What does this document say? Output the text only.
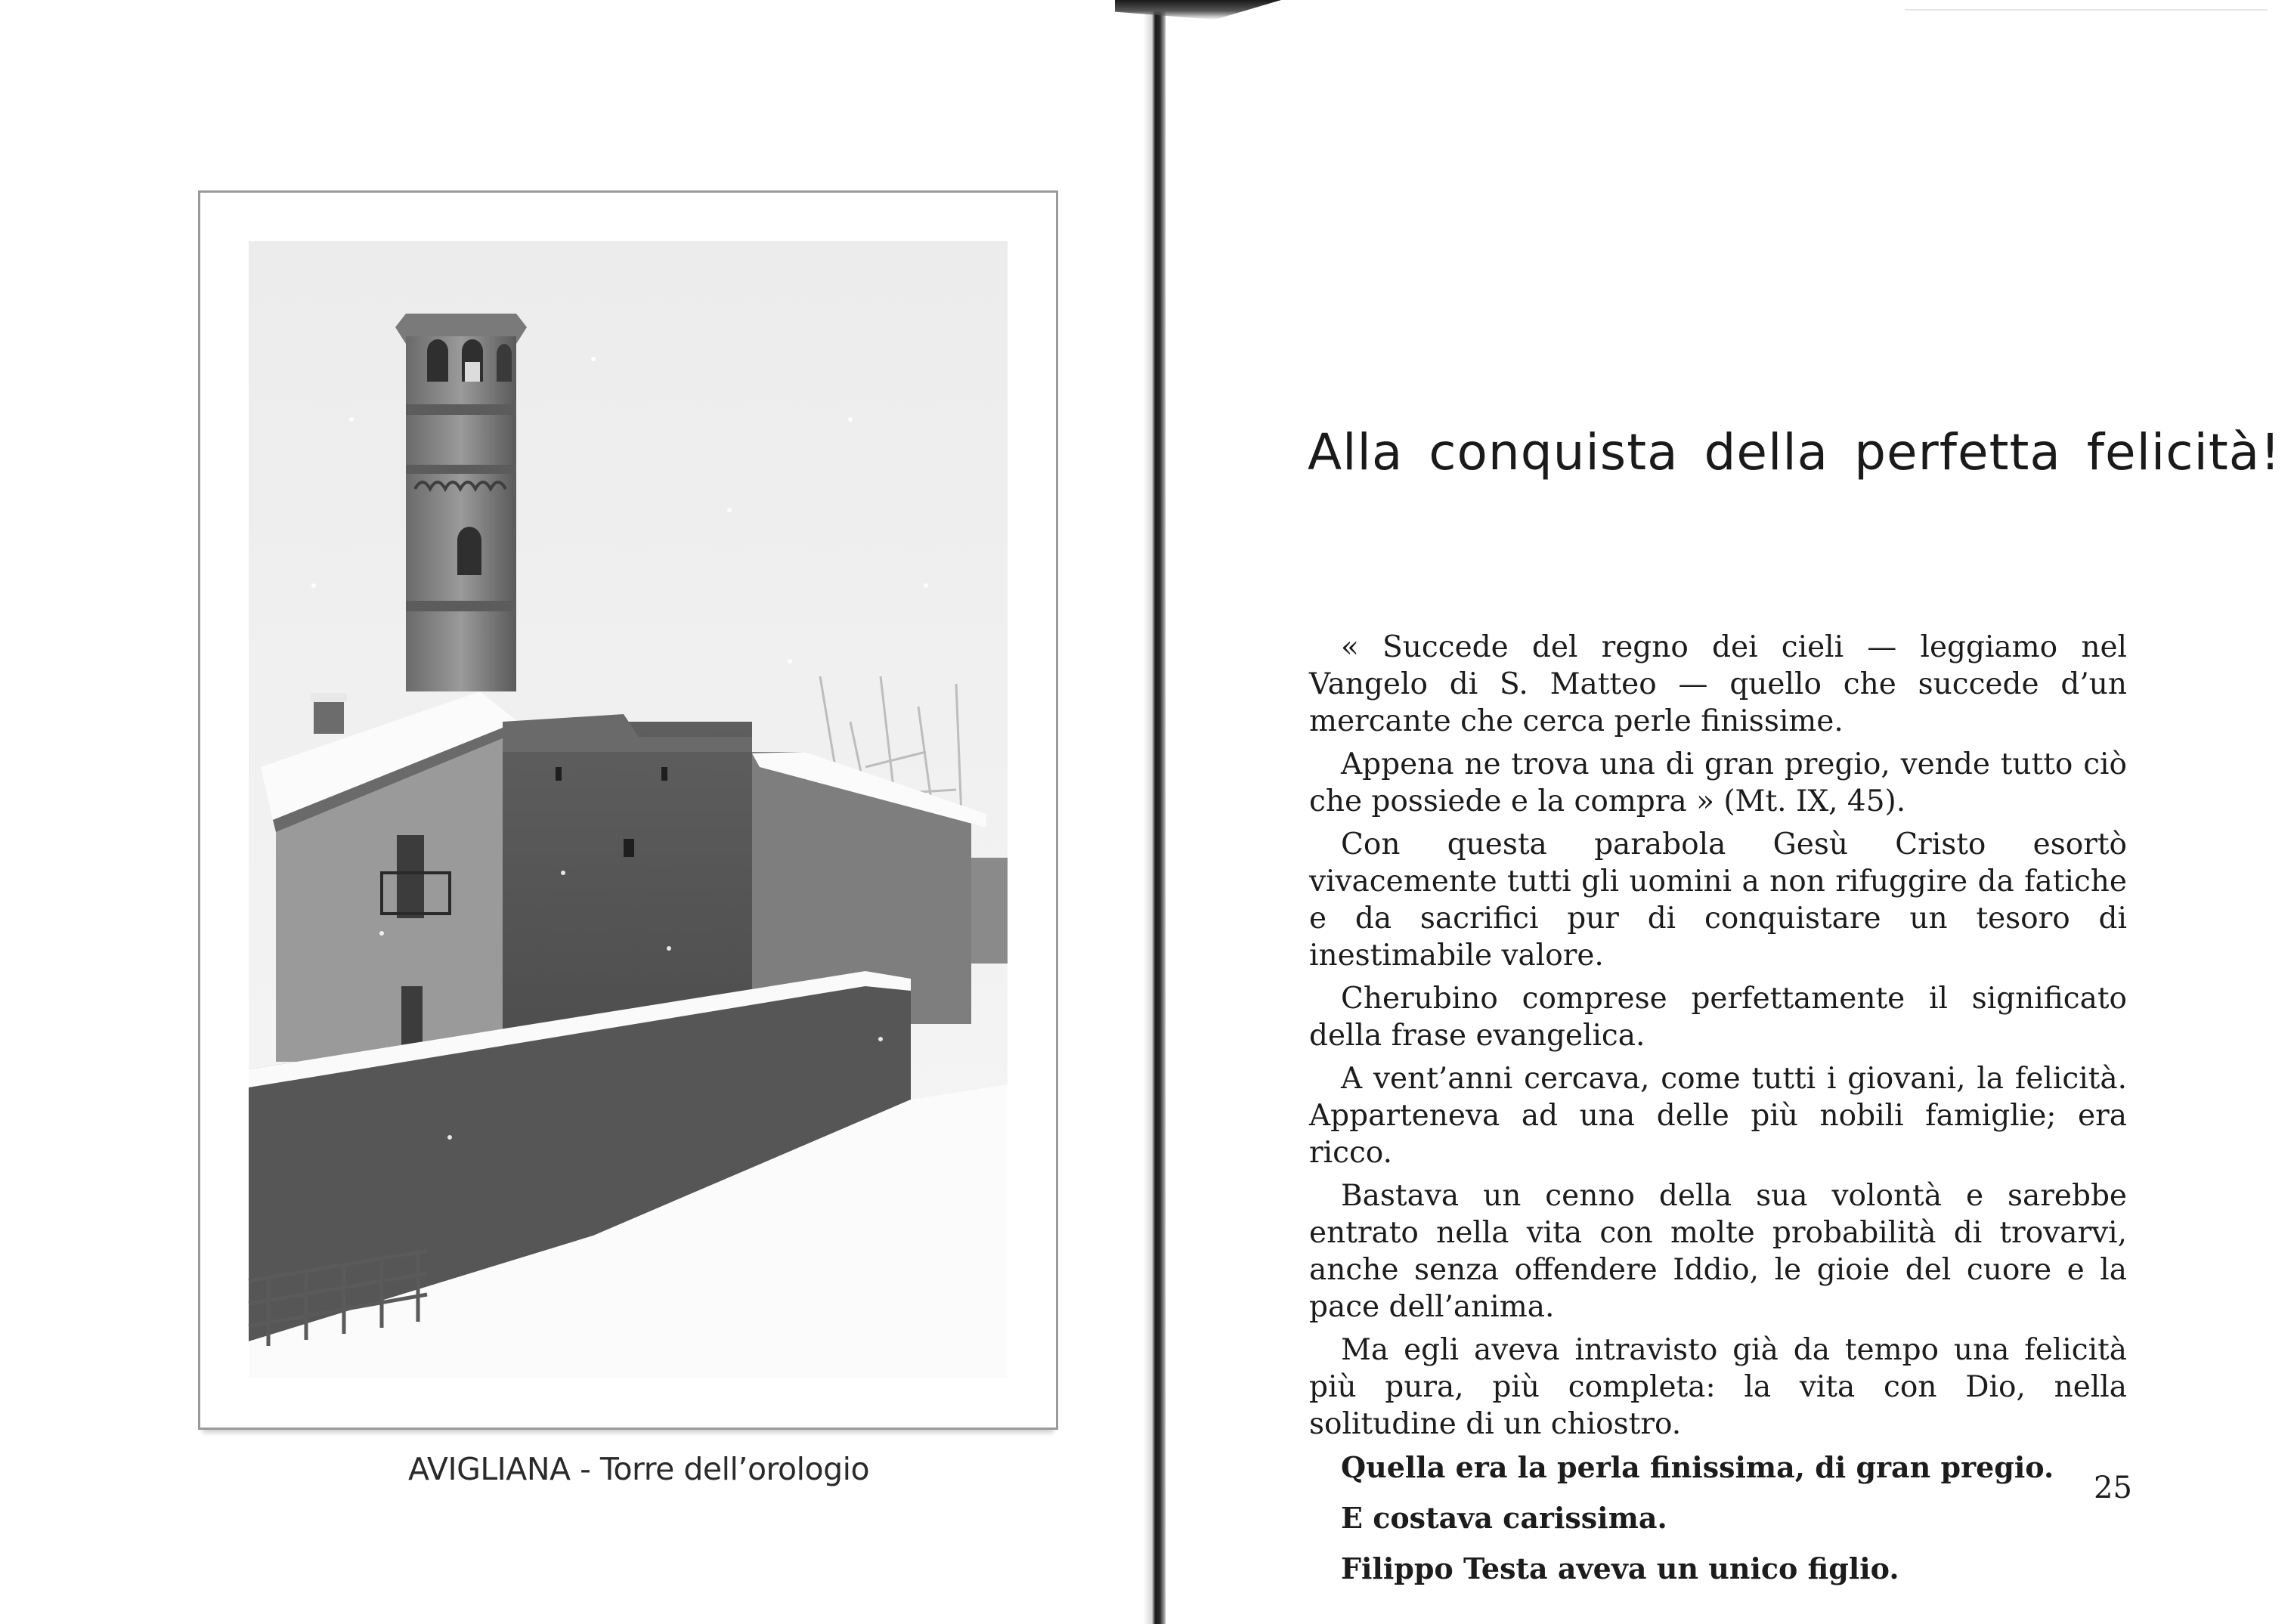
AVIGLIANA - Torre dell’orologio
Alla conquista della perfetta felicità!

« Succede del regno dei cieli — leggiamo nel Vangelo di S. Matteo — quello che succede d’un mercante che cerca perle finissime.

Appena ne trova una di gran pregio, vende tutto ciò che possiede e la compra » (Mt. IX, 45).

Con questa parabola Gesù Cristo esortò vivacemente tutti gli uomini a non rifuggire da fatiche e da sacrifici pur di conquistare un tesoro di inestimabile valore.

Cherubino comprese perfettamente il significato della frase evangelica.

A vent’anni cercava, come tutti i giovani, la felicità. Apparteneva ad una delle più nobili famiglie; era ricco.

Bastava un cenno della sua volontà e sarebbe entrato nella vita con molte probabilità di trovarvi, anche senza offendere Iddio, le gioie del cuore e la pace dell’anima.

Ma egli aveva intravisto già da tempo una felicità più pura, più completa: la vita con Dio, nella solitudine di un chiostro.

Quella era la perla finissima, di gran pregio.

E costava carissima.

Filippo Testa aveva un unico figlio.

25
